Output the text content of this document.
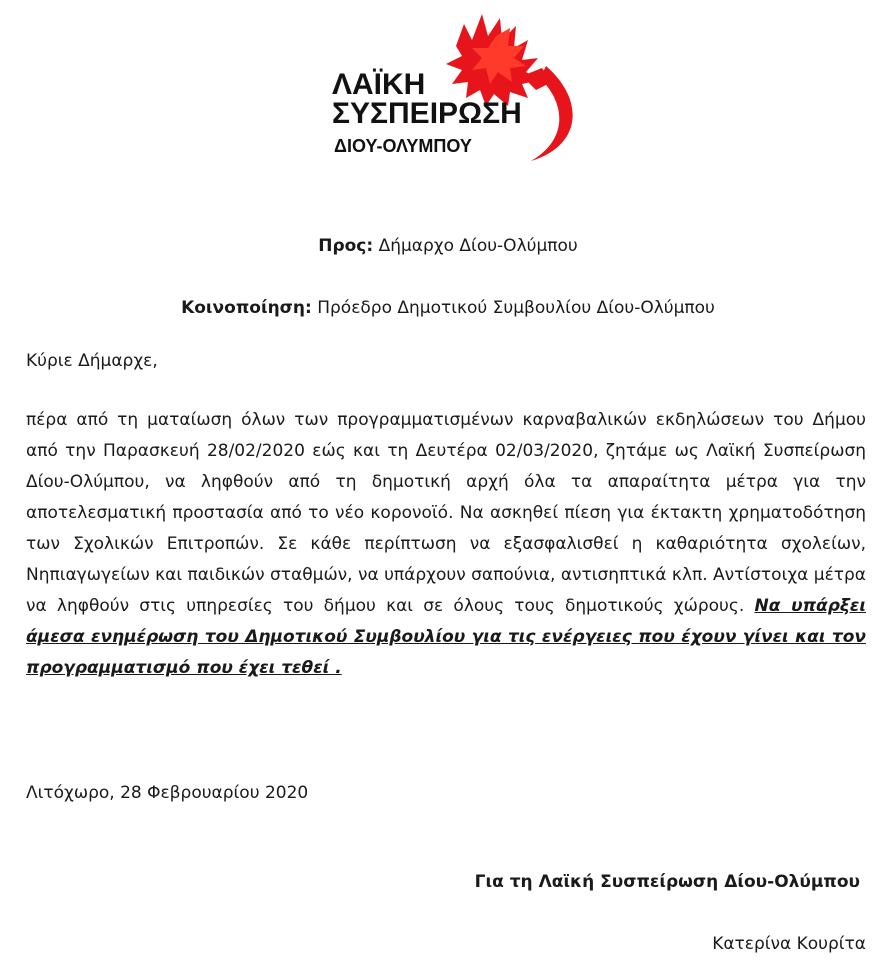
ΛΑΪΚΗ
ΣΥΣΠΕΙΡΩΣΗ
ΔΙΟΥ-ΟΛΥΜΠΟΥ
Προς: Δήμαρχο Δίου-Ολύμπου
Κοινοποίηση: Πρόεδρο Δημοτικού Συμβουλίου Δίου-Ολύμπου
Κύριε Δήμαρχε,
πέρα από τη ματαίωση όλων των προγραμματισμένων καρναβαλικών εκδηλώσεων του Δήμου από την Παρασκευή 28/02/2020 εώς και τη Δευτέρα 02/03/2020, ζητάμε ως Λαϊκή Συσπείρωση Δίου-Ολύμπου, να ληφθούν από τη δημοτική αρχή όλα τα απαραίτητα μέτρα για την αποτελεσματική προστασία από το νέο κορονοϊό. Να ασκηθεί πίεση για έκτακτη χρηματοδότηση των Σχολικών Επιτροπών. Σε κάθε περίπτωση να εξασφαλισθεί η καθαριότητα σχολείων, Νηπιαγωγείων και παιδικών σταθμών, να υπάρχουν σαπούνια, αντισηπτικά κλπ. Αντίστοιχα μέτρα να ληφθούν στις υπηρεσίες του δήμου και σε όλους τους δημοτικούς χώρους. Να υπάρξει άμεσα ενημέρωση του Δημοτικού Συμβουλίου για τις ενέργειες που έχουν γίνει και τον προγραμματισμό που έχει τεθεί .
Λιτόχωρο, 28 Φεβρουαρίου 2020
Για τη Λαϊκή Συσπείρωση Δίου-Ολύμπου
Κατερίνα Κουρίτα
